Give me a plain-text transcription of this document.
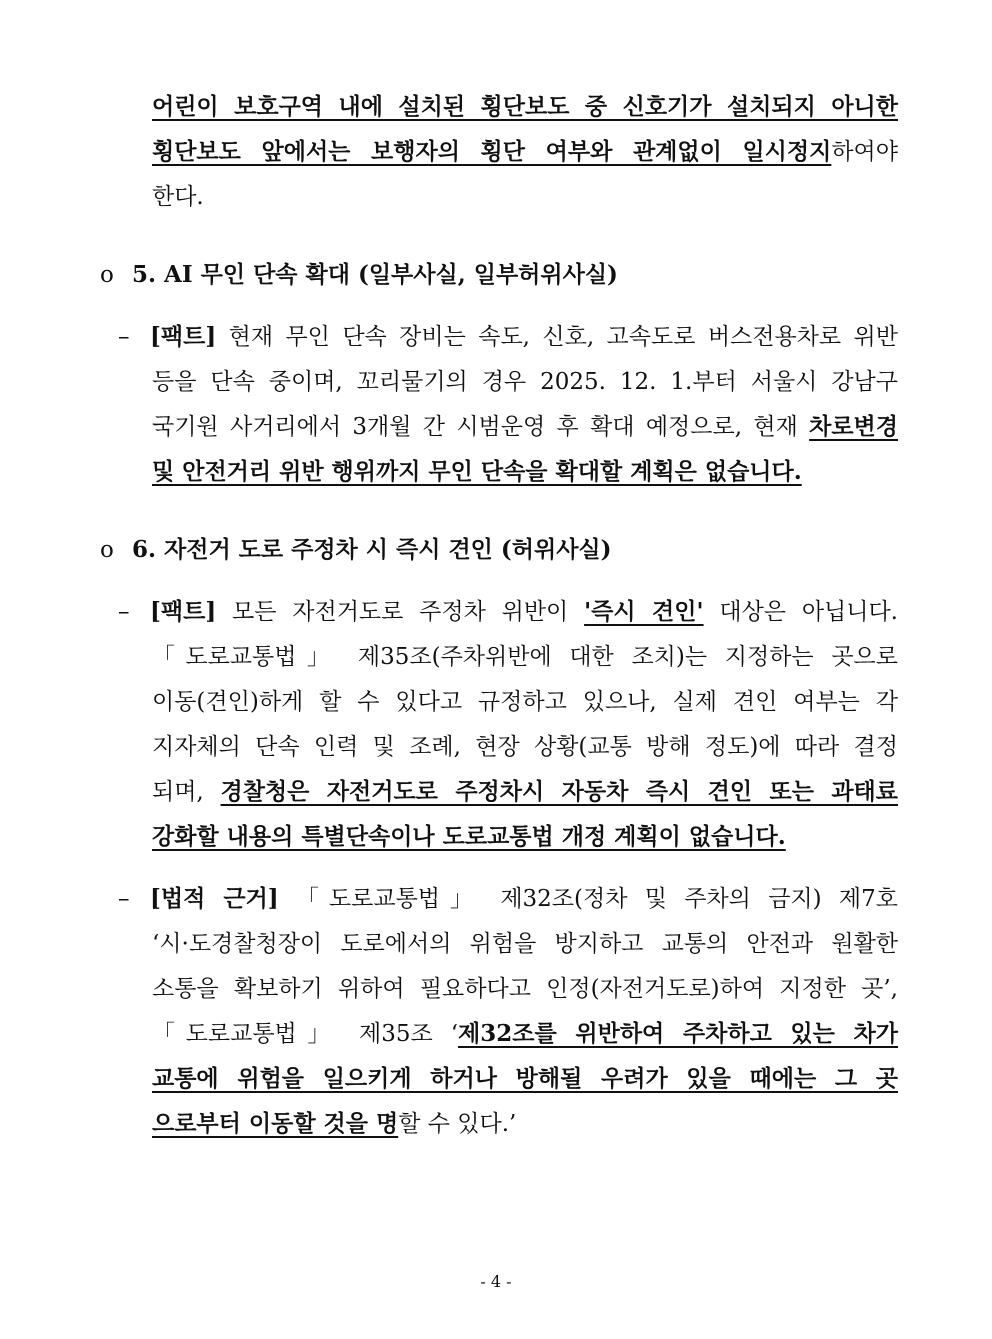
어린이 보호구역 내에 설치된 횡단보도 중 신호기가 설치되지 아니한
횡단보도 앞에서는 보행자의 횡단 여부와 관계없이 일시정지하여야
한다.
o 5. AI 무인 단속 확대 (일부사실, 일부허위사실)
– [팩트] 현재 무인 단속 장비는 속도, 신호, 고속도로 버스전용차로 위반
등을 단속 중이며, 꼬리물기의 경우 2025. 12. 1.부터 서울시 강남구
국기원 사거리에서 3개월 간 시범운영 후 확대 예정으로, 현재 차로변경
및 안전거리 위반 행위까지 무인 단속을 확대할 계획은 없습니다.
o 6. 자전거 도로 주정차 시 즉시 견인 (허위사실)
– [팩트] 모든 자전거도로 주정차 위반이 '즉시 견인' 대상은 아닙니다.
「도로교통법」 제35조(주차위반에 대한 조치)는 지정하는 곳으로
이동(견인)하게 할 수 있다고 규정하고 있으나, 실제 견인 여부는 각
지자체의 단속 인력 및 조례, 현장 상황(교통 방해 정도)에 따라 결정
되며, 경찰청은 자전거도로 주정차시 자동차 즉시 견인 또는 과태료
강화할 내용의 특별단속이나 도로교통법 개정 계획이 없습니다.
– [법적 근거] 「도로교통법」 제32조(정차 및 주차의 금지) 제7호
‘시·도경찰청장이 도로에서의 위험을 방지하고 교통의 안전과 원활한
소통을 확보하기 위하여 필요하다고 인정(자전거도로)하여 지정한 곳’,
「도로교통법」 제35조 ‘제32조를 위반하여 주차하고 있는 차가
교통에 위험을 일으키게 하거나 방해될 우려가 있을 때에는 그 곳
으로부터 이동할 것을 명할 수 있다.’
- 4 -
